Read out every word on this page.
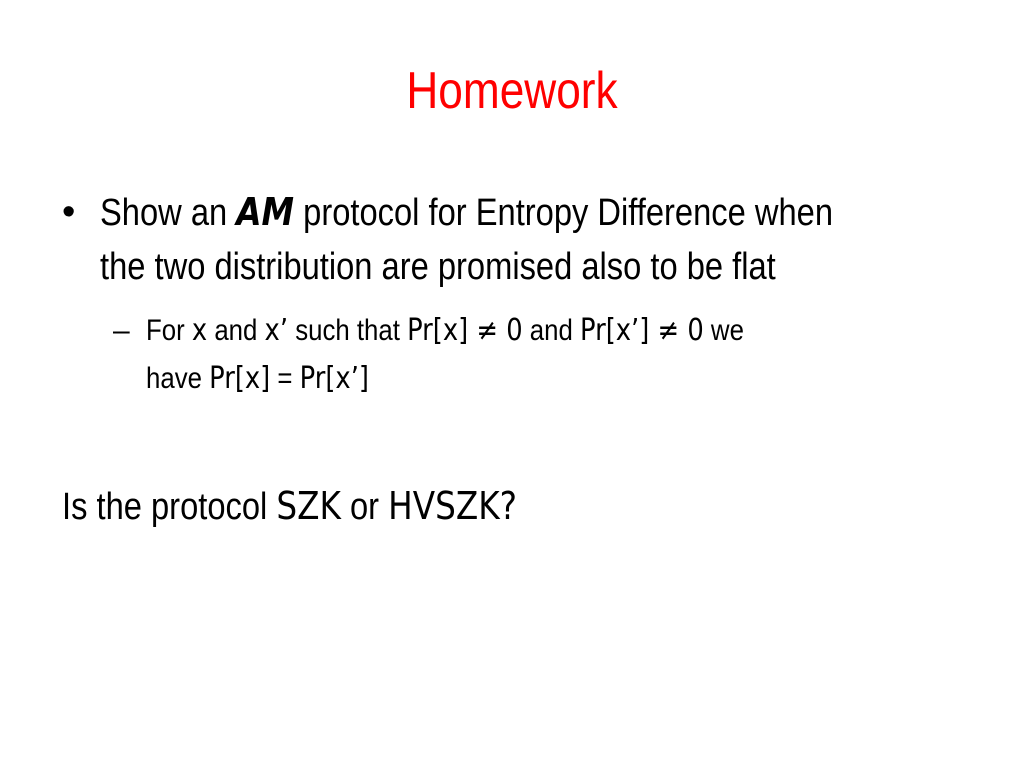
Homework
• Show an AM protocol for Entropy Difference when
the two distribution are promised also to be flat
– For x and x’ such that Pr[x] ≠ 0 and Pr[x’] ≠ 0 we
have Pr[x] = Pr[x’]
Is the protocol SZK or HVSZK?
